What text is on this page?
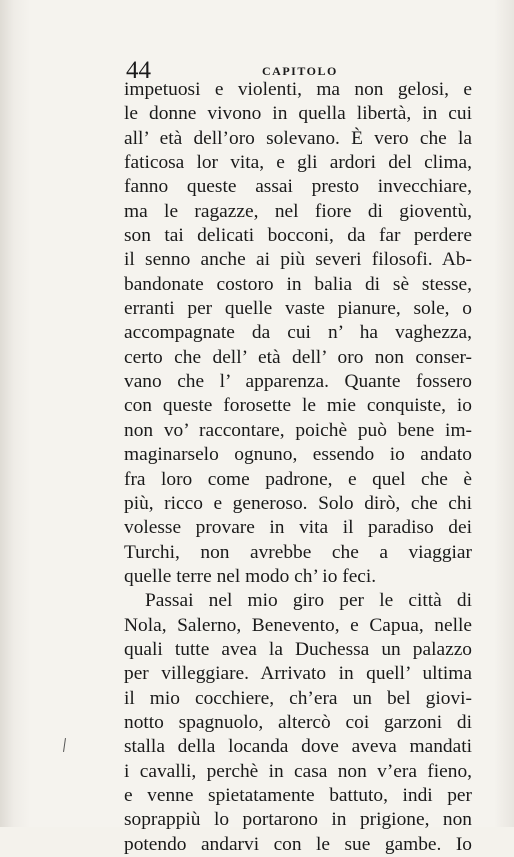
44	CAPITOLO
impetuosi e violenti, ma non gelosi, e
le donne vivono in quella libertà, in cui
all’ età dell’oro solevano. È vero che la
faticosa lor vita, e gli ardori del clima,
fanno queste assai presto invecchiare,
ma le ragazze, nel fiore di gioventù,
son tai delicati bocconi, da far perdere
il senno anche ai più severi filosofi. Ab-
bandonate costoro in balia di sè stesse,
erranti per quelle vaste pianure, sole, o
accompagnate da cui n’ ha vaghezza,
certo che dell’ età dell’ oro non conser-
vano che l’ apparenza. Quante fossero
con queste forosette le mie conquiste, io
non vo’ raccontare, poichè può bene im-
maginarselo ognuno, essendo io andato
fra loro come padrone, e quel che è
più, ricco e generoso. Solo dirò, che chi
volesse provare in vita il paradiso dei
Turchi, non avrebbe che a viaggiar
quelle terre nel modo ch’ io feci.
Passai nel mio giro per le città di
Nola, Salerno, Benevento, e Capua, nelle
quali tutte avea la Duchessa un palazzo
per villeggiare. Arrivato in quell’ ultima
il mio cocchiere, ch’era un bel giovi-
notto spagnuolo, altercò coi garzoni di
stalla della locanda dove aveva mandati
i cavalli, perchè in casa non v’era fieno,
e venne spietatamente battuto, indi per
soprappiù lo portarono in prigione, non
potendo andarvi con le sue gambe. Io
